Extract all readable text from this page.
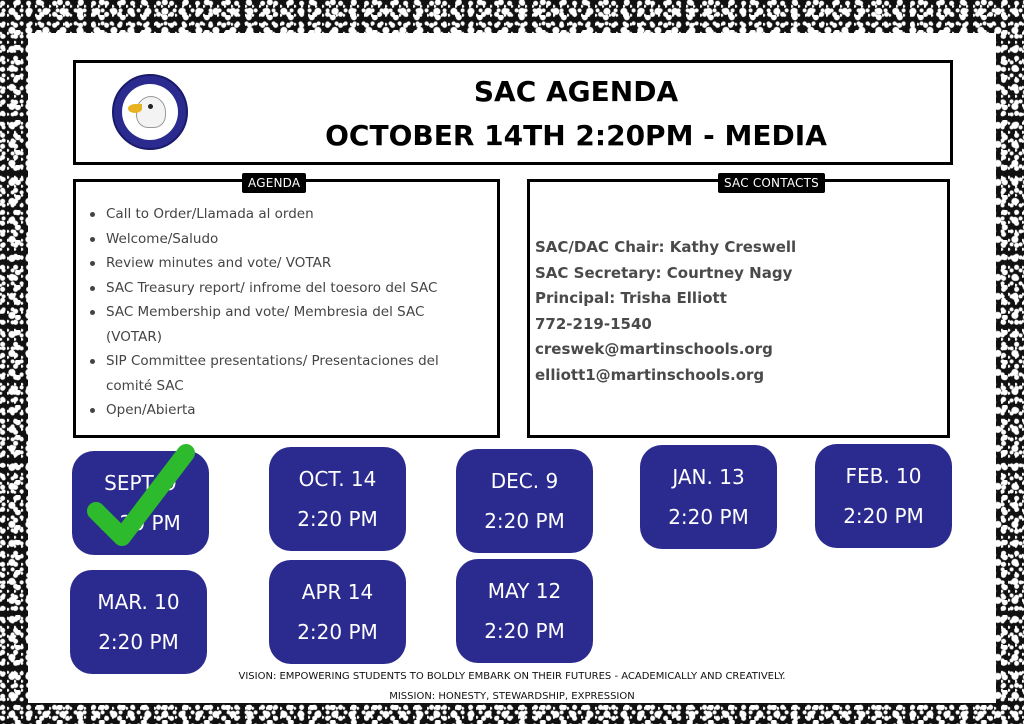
SAC AGENDA
OCTOBER 14TH 2:20PM - MEDIA
AGENDA
Call to Order/Llamada al orden
Welcome/Saludo
Review minutes and vote/ VOTAR
SAC Treasury report/ infrome del toesoro del SAC
SAC Membership and vote/ Membresia del SAC (VOTAR)
SIP Committee presentations/ Presentaciones del comité SAC
Open/Abierta
SAC CONTACTS
SAC/DAC Chair: Kathy Creswell
SAC Secretary: Courtney Nagy
Principal: Trisha Elliott
772-219-1540
creswek@martinschools.org
elliott1@martinschools.org
SEPT. 9
2:20 PM
OCT. 14
2:20 PM
DEC. 9
2:20 PM
JAN. 13
2:20 PM
FEB. 10
2:20 PM
MAR. 10
2:20 PM
APR 14
2:20 PM
MAY 12
2:20 PM
VISION: EMPOWERING STUDENTS TO BOLDLY EMBARK ON THEIR FUTURES - ACADEMICALLY AND CREATIVELY.
MISSION: HONESTY, STEWARDSHIP, EXPRESSION
